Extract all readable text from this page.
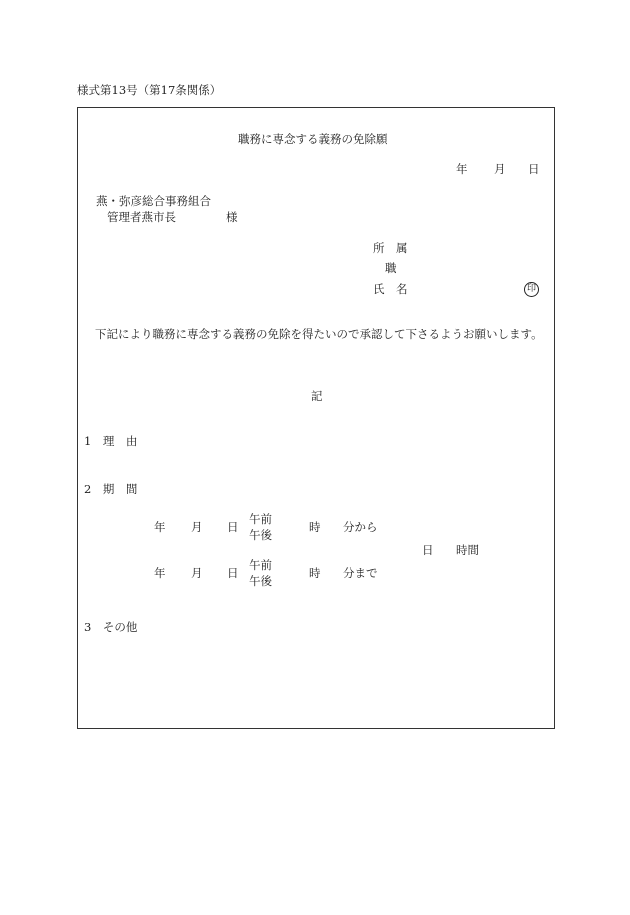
様式第13号（第17条関係）
職務に専念する義務の免除願
年 月 日
燕・弥彦総合事務組合
管理者燕市長	様
所　属
職
氏　名	印
下記により職務に専念する義務の免除を得たいので承認して下さるようお願いします。
記
1　理　由
2　期　間
年 月 日
午前
午後
時 分から
日 時間
年 月 日
午前
午後
時 分まで
3　その他
